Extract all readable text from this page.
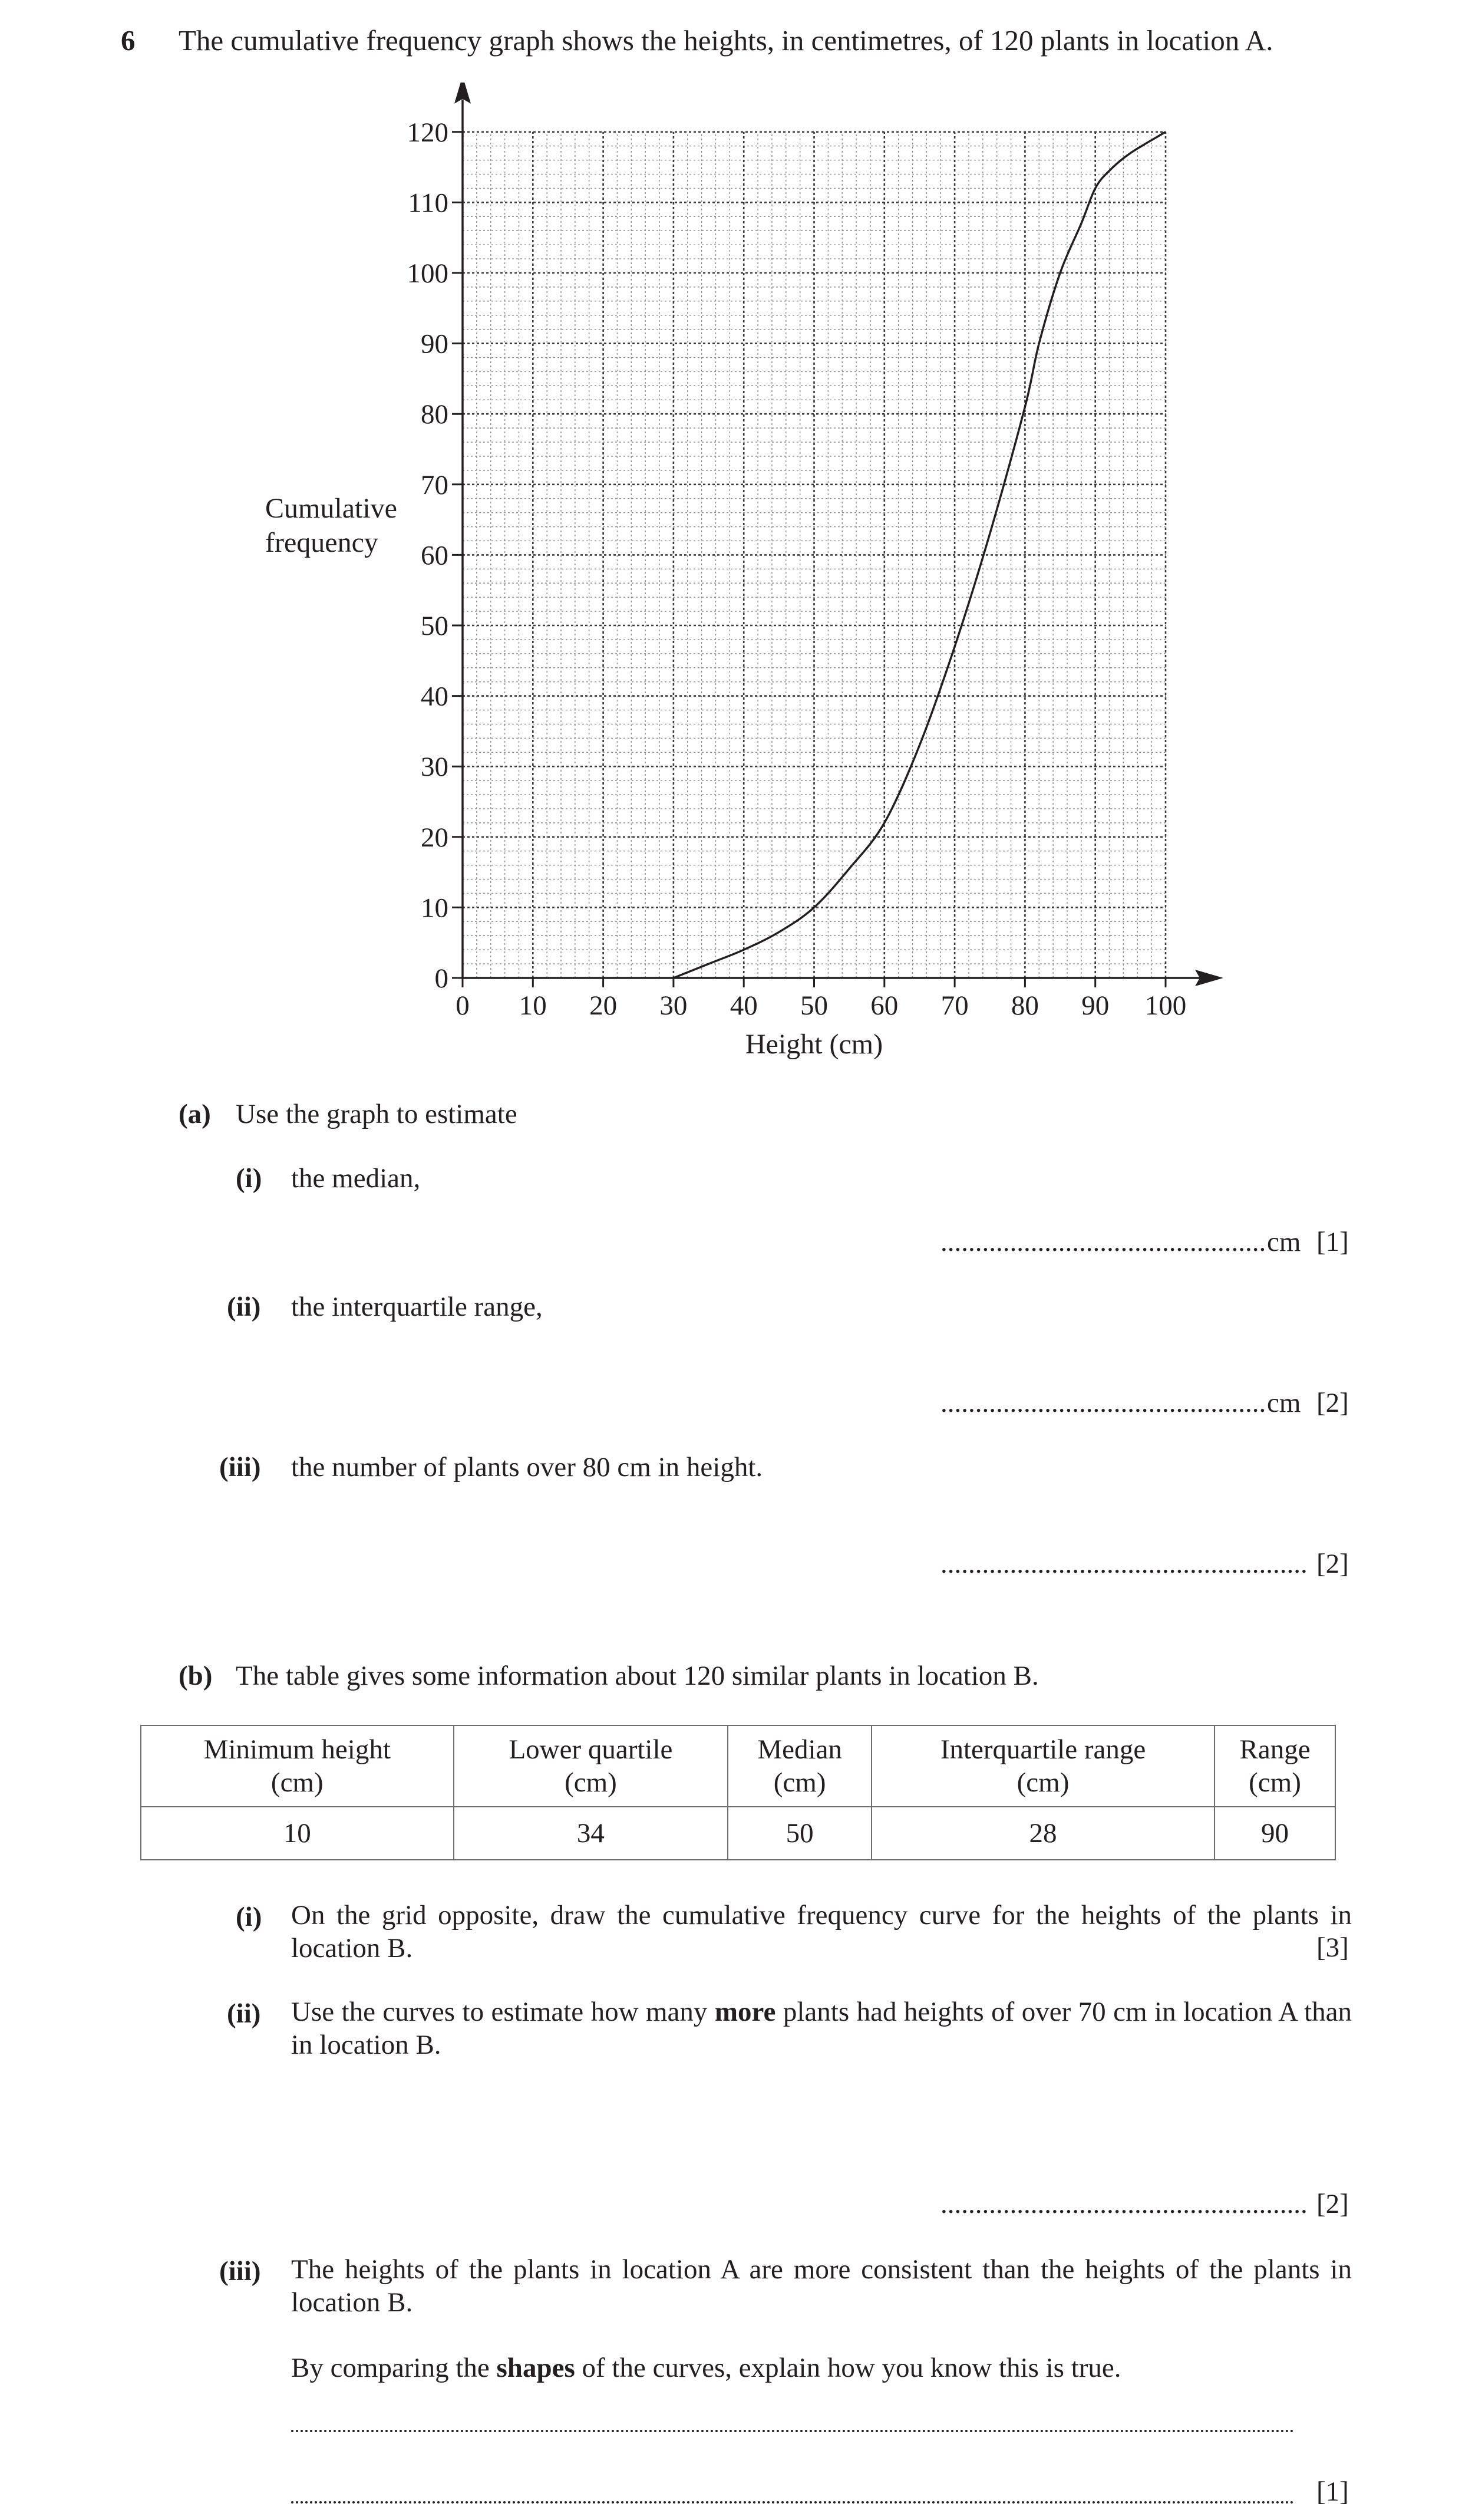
6 The cumulative frequency graph shows the heights, in centimetres, of 120 plants in location A.
Cumulative
frequency
0 10 20 30 40 50 60 70 80 90 100
0
10
20
30
40
50
60
70
80
90
100
110
120
Height (cm)
(a) Use the graph to estimate
(i) the median,
............................................... cm [1]
(ii) the interquartile range,
............................................... cm [2]
(iii) the number of plants over 80 cm in height.
..................................................... [2]
(b) The table gives some information about 120 similar plants in location B.
Minimum height
(cm)	Lower quartile
(cm)	Median
(cm)	Interquartile range
(cm)	Range
(cm)
10	34	50	28	90
(i) On the grid opposite, draw the cumulative frequency curve for the heights of the plants in location B.	[3]
(ii) Use the curves to estimate how many more plants had heights of over 70 cm in location A than in location B.
..................................................... [2]
(iii) The heights of the plants in location A are more consistent than the heights of the plants in location B.
By comparing the shapes of the curves, explain how you know this is true.
[1]
